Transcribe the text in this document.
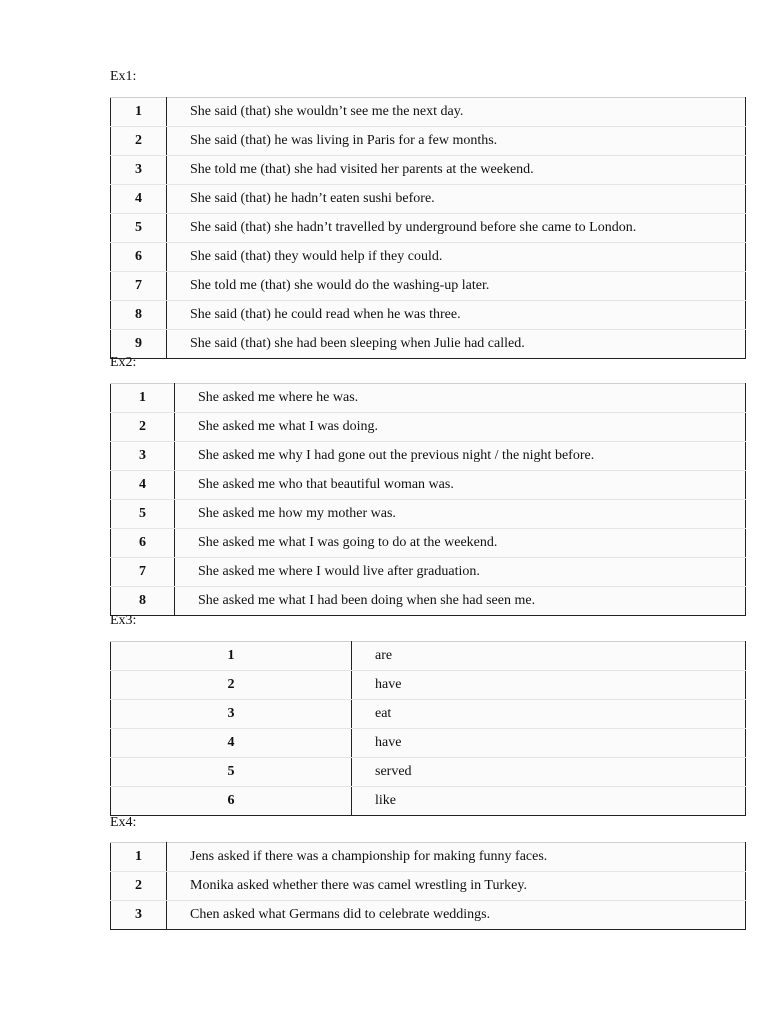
Ex1:
1	She said (that) she wouldn’t see me the next day.
2	She said (that) he was living in Paris for a few months.
3	She told me (that) she had visited her parents at the weekend.
4	She said (that) he hadn’t eaten sushi before.
5	She said (that) she hadn’t travelled by underground before she came to London.
6	She said (that) they would help if they could.
7	She told me (that) she would do the washing-up later.
8	She said (that) he could read when he was three.
9	She said (that) she had been sleeping when Julie had called.
Ex2:
1	She asked me where he was.
2	She asked me what I was doing.
3	She asked me why I had gone out the previous night / the night before.
4	She asked me who that beautiful woman was.
5	She asked me how my mother was.
6	She asked me what I was going to do at the weekend.
7	She asked me where I would live after graduation.
8	She asked me what I had been doing when she had seen me.
Ex3:
1	are
2	have
3	eat
4	have
5	served
6	like
Ex4:
1	Jens asked if there was a championship for making funny faces.
2	Monika asked whether there was camel wrestling in Turkey.
3	Chen asked what Germans did to celebrate weddings.
